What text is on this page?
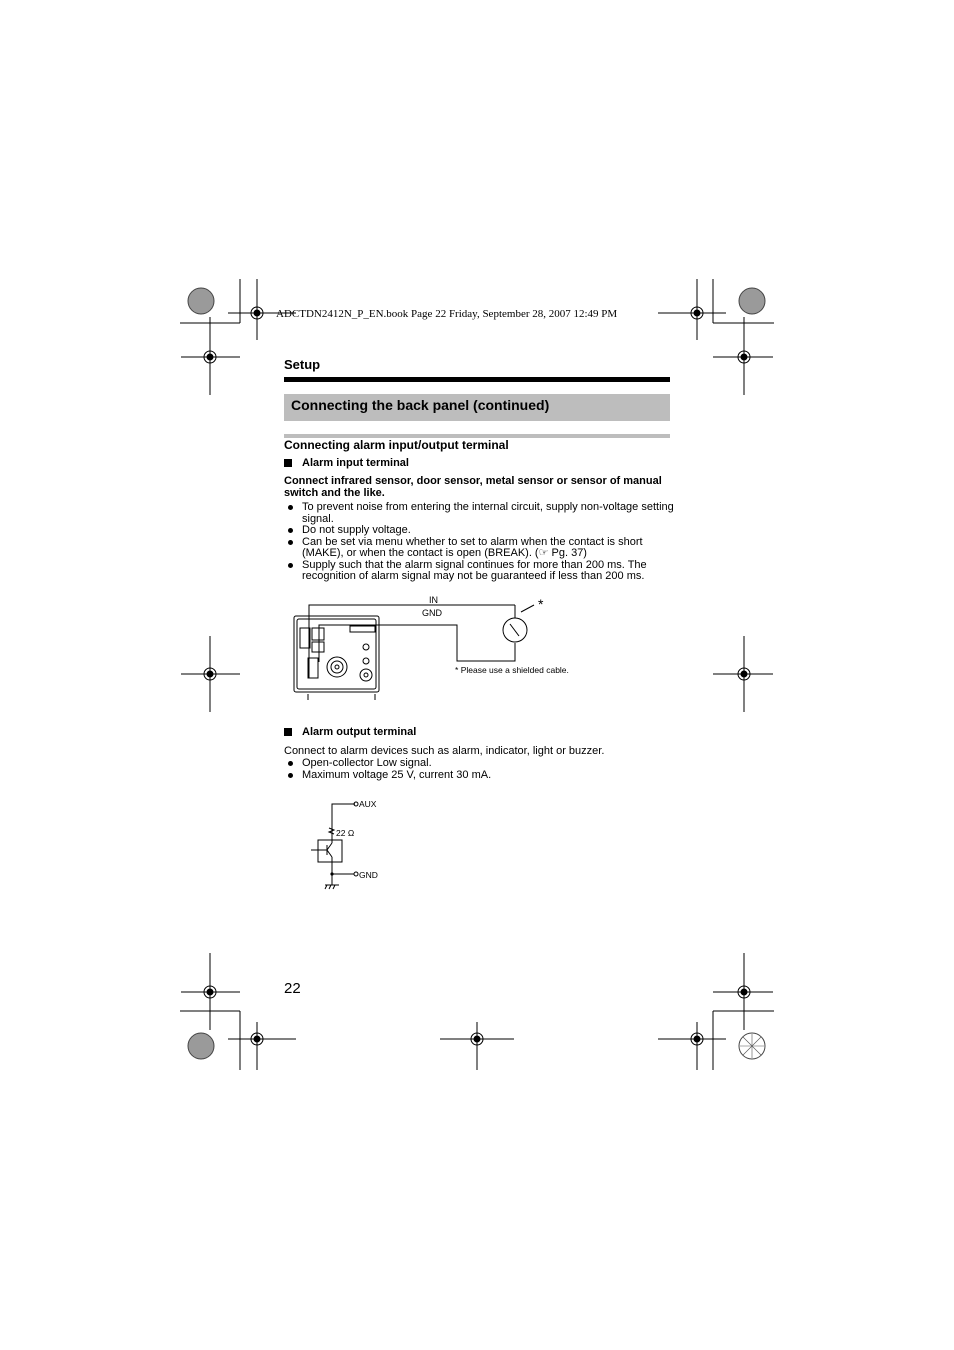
ADCTDN2412N_P_EN.book Page 22 Friday, September 28, 2007 12:49 PM
Setup
Connecting the back panel (continued)
Connecting alarm input/output terminal
Alarm input terminal
Connect infrared sensor, door sensor, metal sensor or sensor of manual switch and the like.
To prevent noise from entering the internal circuit, supply non-voltage setting signal.
Do not supply voltage.
Can be set via menu whether to set to alarm when the contact is short (MAKE), or when the contact is open (BREAK). (☞ Pg. 37)
Supply such that the alarm signal continues for more than 200 ms. The recognition of alarm signal may not be guaranteed if less than 200 ms.
*
IN
GND
* Please use a shielded cable.
Alarm output terminal
Connect to alarm devices such as alarm, indicator, light or buzzer.
Open-collector Low signal.
Maximum voltage 25 V, current 30 mA.
AUX
22 Ω
GND
22
